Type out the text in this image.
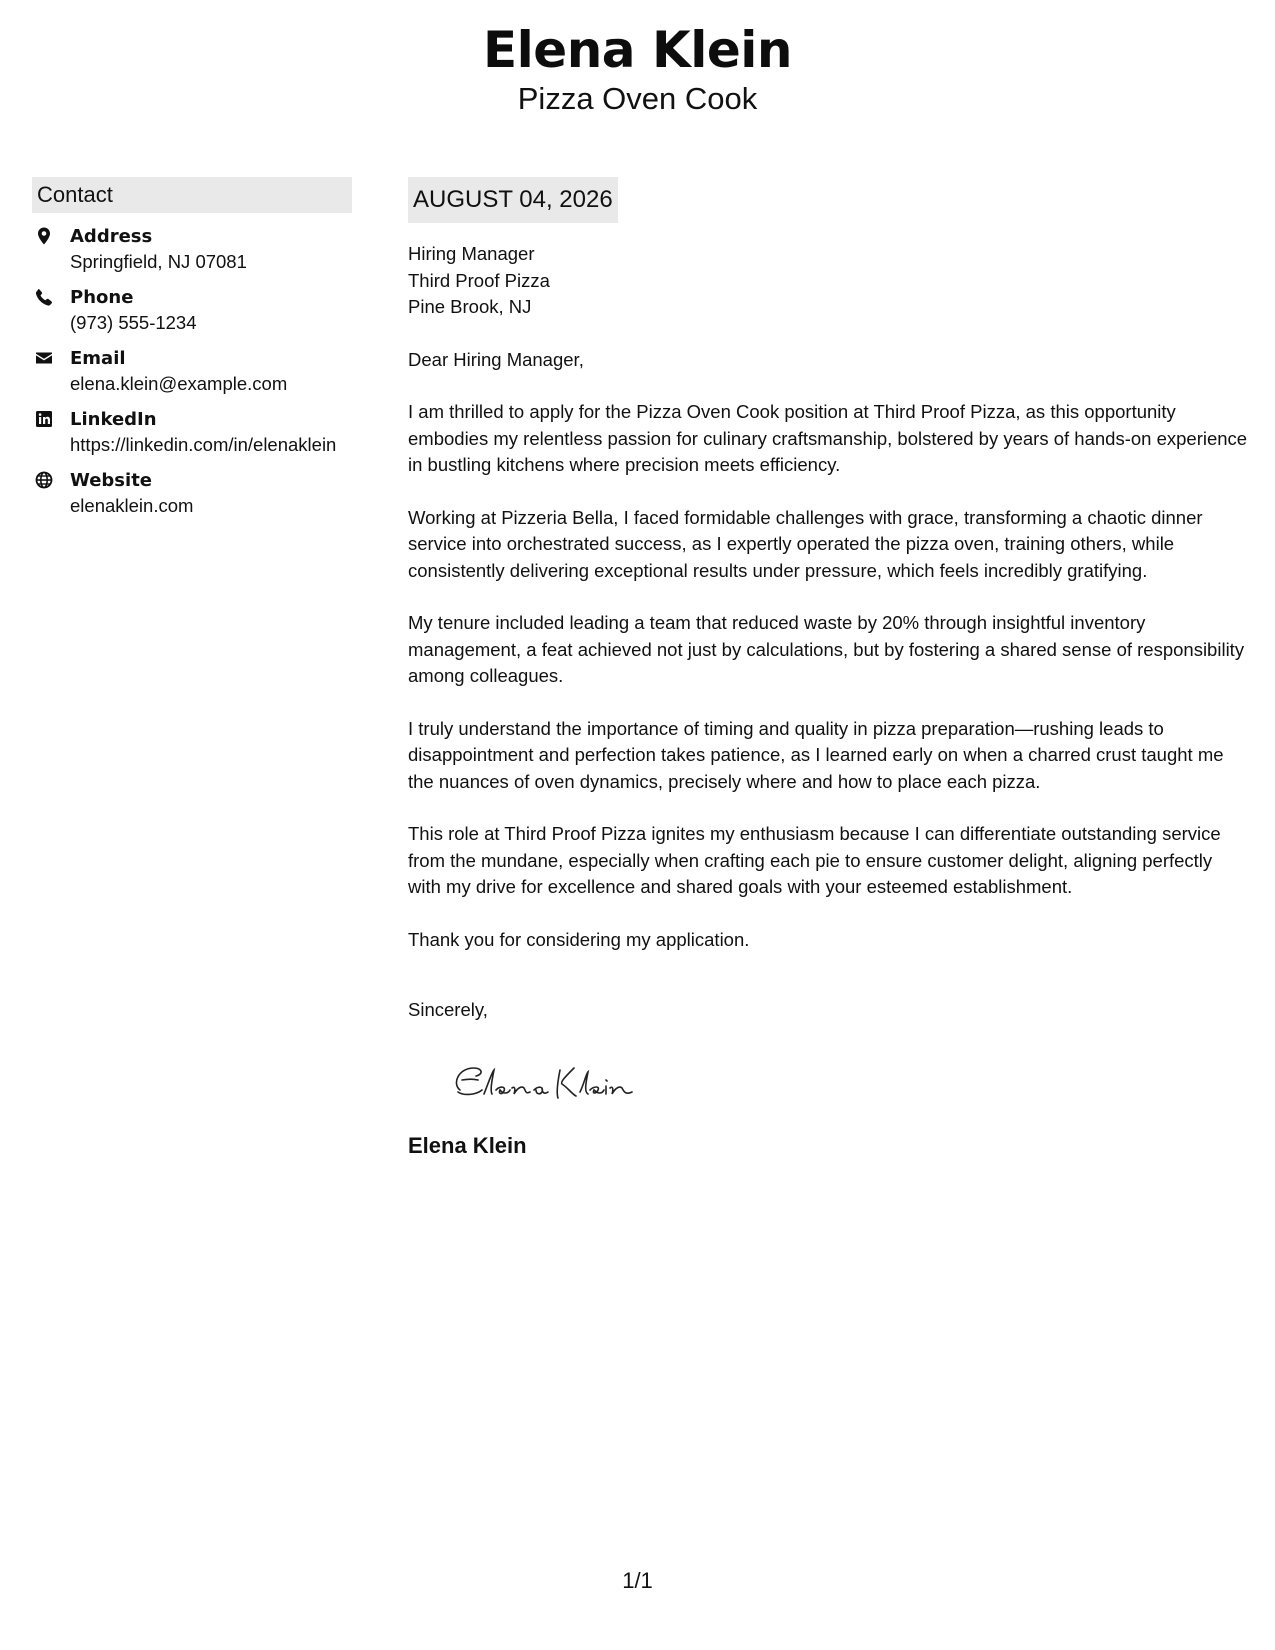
Elena Klein
Pizza Oven Cook
Contact
Address
Springfield, NJ 07081
Phone
(973) 555-1234
Email
elena.klein@example.com
LinkedIn
https://linkedin.com/in/elenaklein
Website
elenaklein.com
AUGUST 04, 2026
Hiring Manager
Third Proof Pizza
Pine Brook, NJ
Dear Hiring Manager,

I am thrilled to apply for the Pizza Oven Cook position at Third Proof Pizza, as this opportunity embodies my relentless passion for culinary craftsmanship, bolstered by years of hands-on experience in bustling kitchens where precision meets efficiency.

Working at Pizzeria Bella, I faced formidable challenges with grace, transforming a chaotic dinner service into orchestrated success, as I expertly operated the pizza oven, training others, while consistently delivering exceptional results under pressure, which feels incredibly gratifying.

My tenure included leading a team that reduced waste by 20% through insightful inventory management, a feat achieved not just by calculations, but by fostering a shared sense of responsibility among colleagues.

I truly understand the importance of timing and quality in pizza preparation—rushing leads to disappointment and perfection takes patience, as I learned early on when a charred crust taught me the nuances of oven dynamics, precisely where and how to place each pizza.

This role at Third Proof Pizza ignites my enthusiasm because I can differentiate outstanding service from the mundane, especially when crafting each pie to ensure customer delight, aligning perfectly with my drive for excellence and shared goals with your esteemed establishment.

Thank you for considering my application.

Sincerely,
Elena Klein
1/1
